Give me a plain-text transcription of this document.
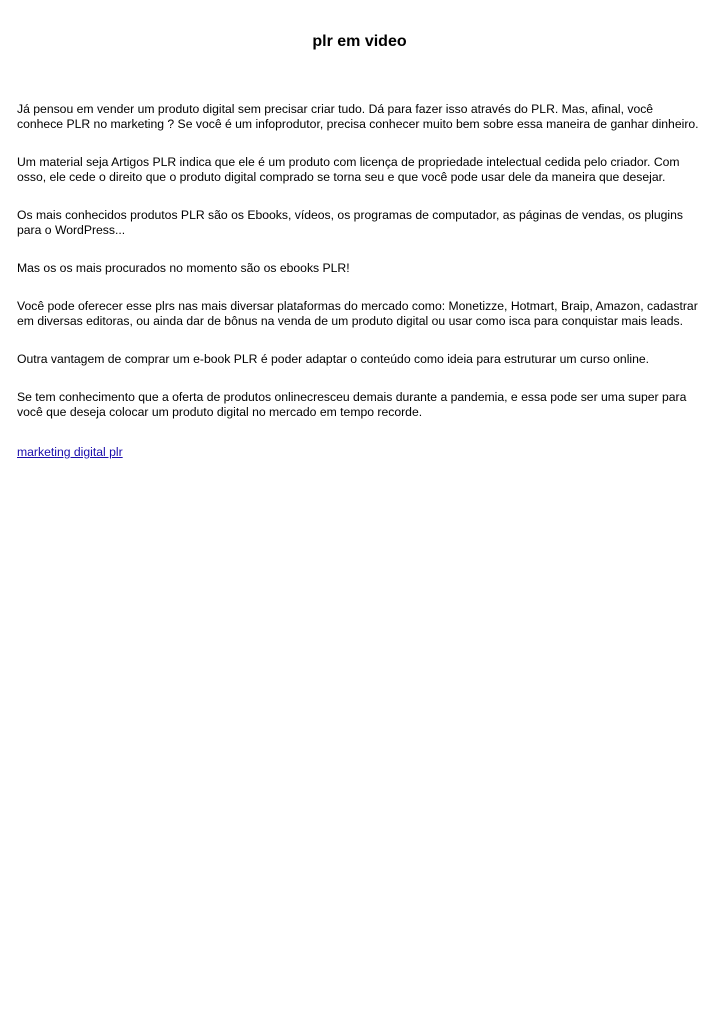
plr em video

Já pensou em vender um produto digital sem precisar criar tudo. Dá para fazer isso através do PLR. Mas, afinal, você conhece PLR no marketing ? Se você é um infoprodutor, precisa conhecer muito bem sobre essa maneira de ganhar dinheiro.

Um material seja Artigos PLR indica que ele é um produto com licença de propriedade intelectual cedida pelo criador. Com osso, ele cede o direito que o produto digital comprado se torna seu e que você pode usar dele da maneira que desejar.

Os mais conhecidos produtos PLR são os Ebooks, vídeos, os programas de computador, as páginas de vendas, os plugins para o WordPress...

Mas os os mais procurados no momento são os ebooks PLR!

Você pode oferecer esse plrs nas mais diversar plataformas do mercado como: Monetizze, Hotmart, Braip, Amazon, cadastrar em diversas editoras, ou ainda dar de bônus na venda de um produto digital ou usar como isca para conquistar mais leads.

Outra vantagem de comprar um e-book PLR é poder adaptar o conteúdo como ideia para estruturar um curso online.

Se tem conhecimento que a oferta de produtos onlinecresceu demais durante a pandemia, e essa pode ser uma super para você que deseja colocar um produto digital no mercado em tempo recorde.

marketing digital plr
